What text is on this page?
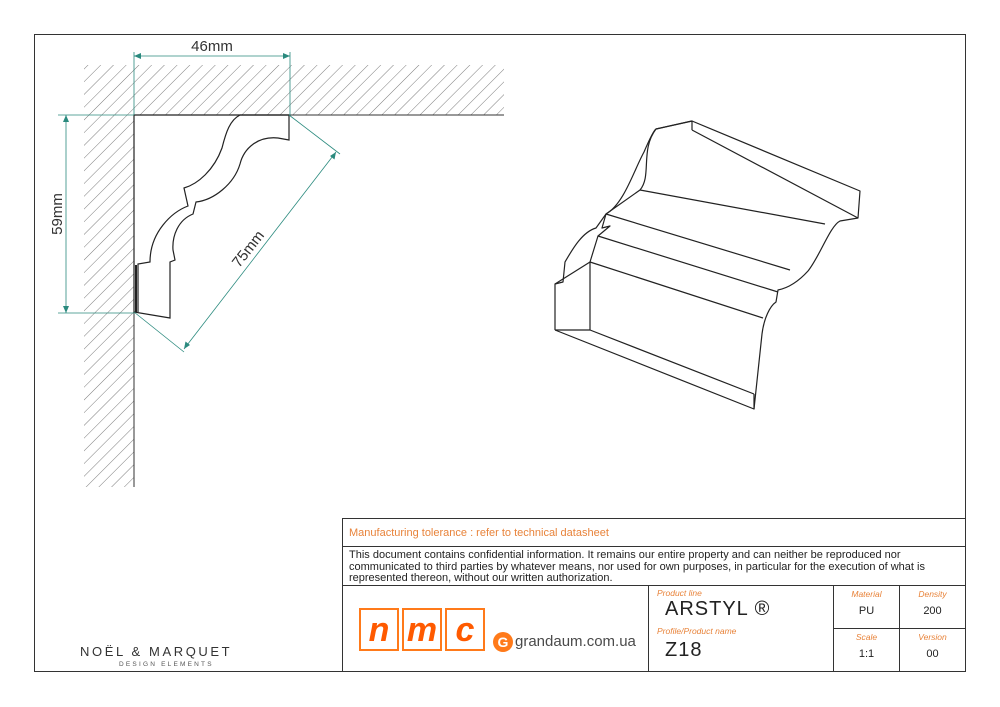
46mm
59mm
75mm
Manufacturing tolerance : refer to technical datasheet
This document contains confidential information. It remains our entire property and can neither be reproduced nor communicated to third parties by whatever means, nor used for own purposes, in particular for the execution of what is represented thereon, without our written authorization.
n m c	G grandaum.com.ua
Product line
ARSTYL ®
Profile/Product name
Z18
Material
PU
Density
200
Scale
1:1
Version
00
NOËL & MARQUET
DESIGN ELEMENTS
